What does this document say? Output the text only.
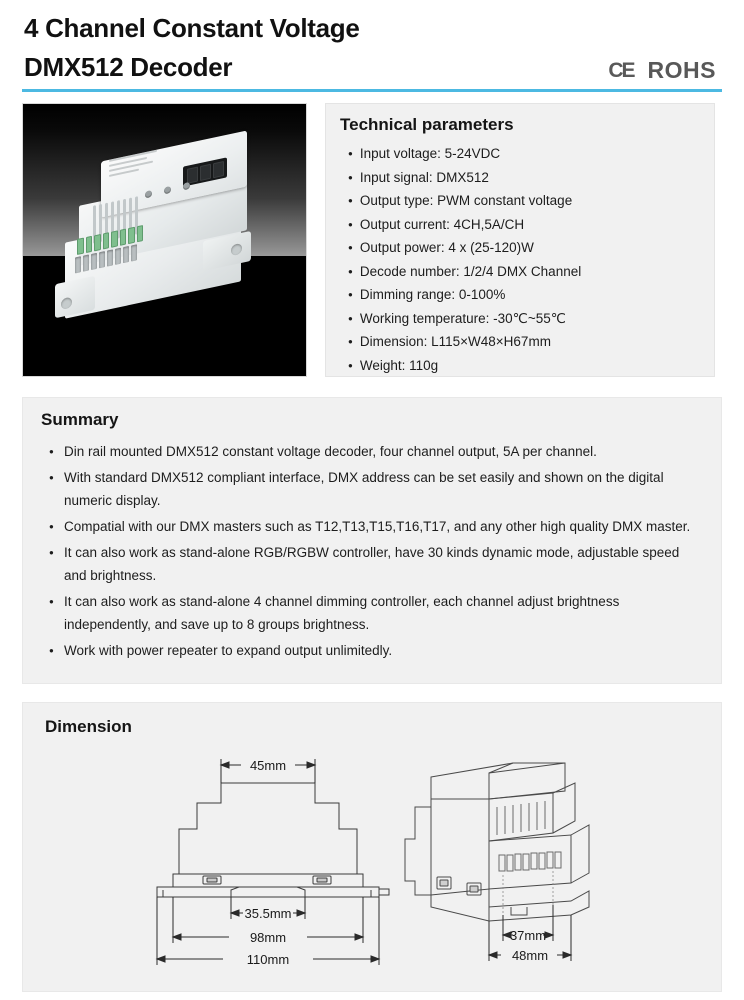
4 Channel Constant Voltage
DMX512 Decoder	CE ROHS
Technical parameters
● Input voltage: 5-24VDC
● Input signal: DMX512
● Output type: PWM constant voltage
● Output current: 4CH,5A/CH
● Output power: 4 x (25-120)W
● Decode number: 1/2/4 DMX Channel
● Dimming range: 0-100%
● Working temperature: -30℃~55℃
● Dimension: L115×W48×H67mm
● Weight: 110g
Summary
● Din rail mounted DMX512 constant voltage decoder, four channel output, 5A per channel.
● With standard DMX512 compliant interface, DMX address can be set easily and shown on the digital numeric display.
● Compatial with our DMX masters such as T12,T13,T15,T16,T17, and any other high quality DMX master.
● It can also work as stand-alone RGB/RGBW controller, have 30 kinds dynamic mode, adjustable speed and brightness.
● It can also work as stand-alone 4 channel dimming controller, each channel adjust brightness independently, and save up to 8 groups brightness.
● Work with power repeater to expand output unlimitedly.
Dimension
45mm
35.5mm
98mm
110mm
37mm
48mm
